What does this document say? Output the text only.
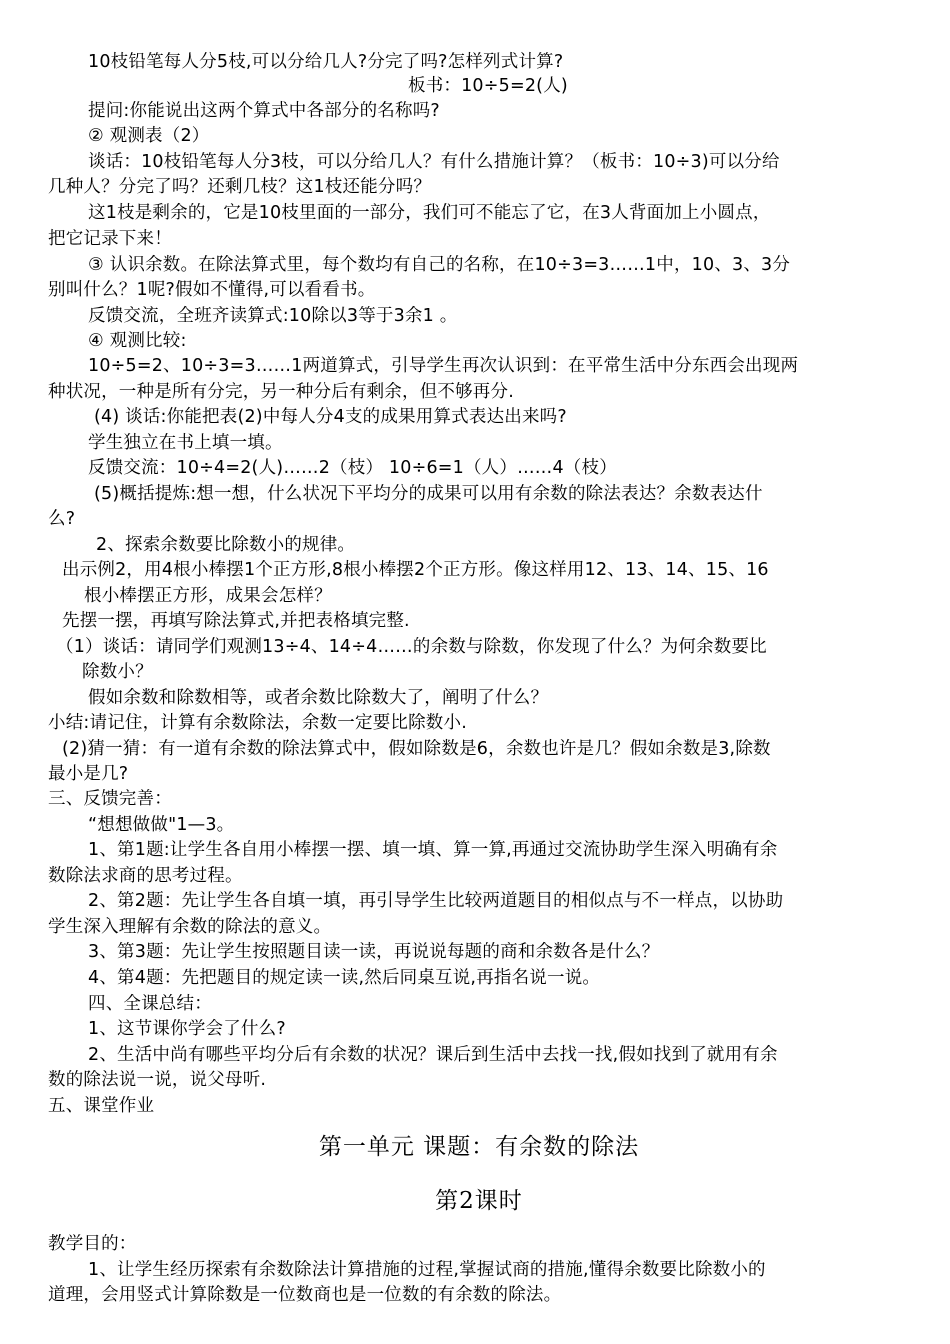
10枝铅笔每人分5枝,可以分给几人?分完了吗?怎样列式计算?
板书：10÷5=2(人)
提问:你能说出这两个算式中各部分的名称吗?
② 观测表（2）
谈话：10枝铅笔每人分3枝，可以分给几人？有什么措施计算？（板书：10÷3)可以分给
几种人？分完了吗？还剩几枝？这1枝还能分吗？
这1枝是剩余的，它是10枝里面的一部分，我们可不能忘了它，在3人背面加上小圆点，
把它记录下来！
③ 认识余数。在除法算式里，每个数均有自己的名称，在10÷3=3……1中，10、3、3分
别叫什么？1呢?假如不懂得,可以看看书。
反馈交流，全班齐读算式:10除以3等于3余1 。
④ 观测比较:
10÷5=2、10÷3=3……1两道算式，引导学生再次认识到：在平常生活中分东西会出现两
种状况，一种是所有分完，另一种分后有剩余，但不够再分.
(4) 谈话:你能把表(2)中每人分4支的成果用算式表达出来吗?
学生独立在书上填一填。
反馈交流：10÷4=2(人)……2（枝） 10÷6=1（人）……4（枝）
(5)概括提炼:想一想，什么状况下平均分的成果可以用有余数的除法表达？余数表达什
么?
2、探索余数要比除数小的规律。
出示例2，用4根小棒摆1个正方形,8根小棒摆2个正方形。像这样用12、13、14、15、16
根小棒摆正方形，成果会怎样？
先摆一摆，再填写除法算式,并把表格填完整.
（1）谈话：请同学们观测13÷4、14÷4……的余数与除数，你发现了什么？为何余数要比
除数小？
假如余数和除数相等，或者余数比除数大了，阐明了什么？
小结:请记住，计算有余数除法，余数一定要比除数小.
(2)猜一猜：有一道有余数的除法算式中，假如除数是6，余数也许是几？假如余数是3,除数
最小是几?
三、反馈完善：
“想想做做"1—3。
1、第1题:让学生各自用小棒摆一摆、填一填、算一算,再通过交流协助学生深入明确有余
数除法求商的思考过程。
2、第2题：先让学生各自填一填，再引导学生比较两道题目的相似点与不一样点，以协助
学生深入理解有余数的除法的意义。
3、第3题：先让学生按照题目读一读，再说说每题的商和余数各是什么？
4、第4题：先把题目的规定读一读,然后同桌互说,再指名说一说。
四、全课总结：
1、这节课你学会了什么?
2、生活中尚有哪些平均分后有余数的状况？课后到生活中去找一找,假如找到了就用有余
数的除法说一说，说父母听.
五、课堂作业
第一单元 课题：有余数的除法
第2课时
教学目的：
1、让学生经历探索有余数除法计算措施的过程,掌握试商的措施,懂得余数要比除数小的
道理，会用竖式计算除数是一位数商也是一位数的有余数的除法。
